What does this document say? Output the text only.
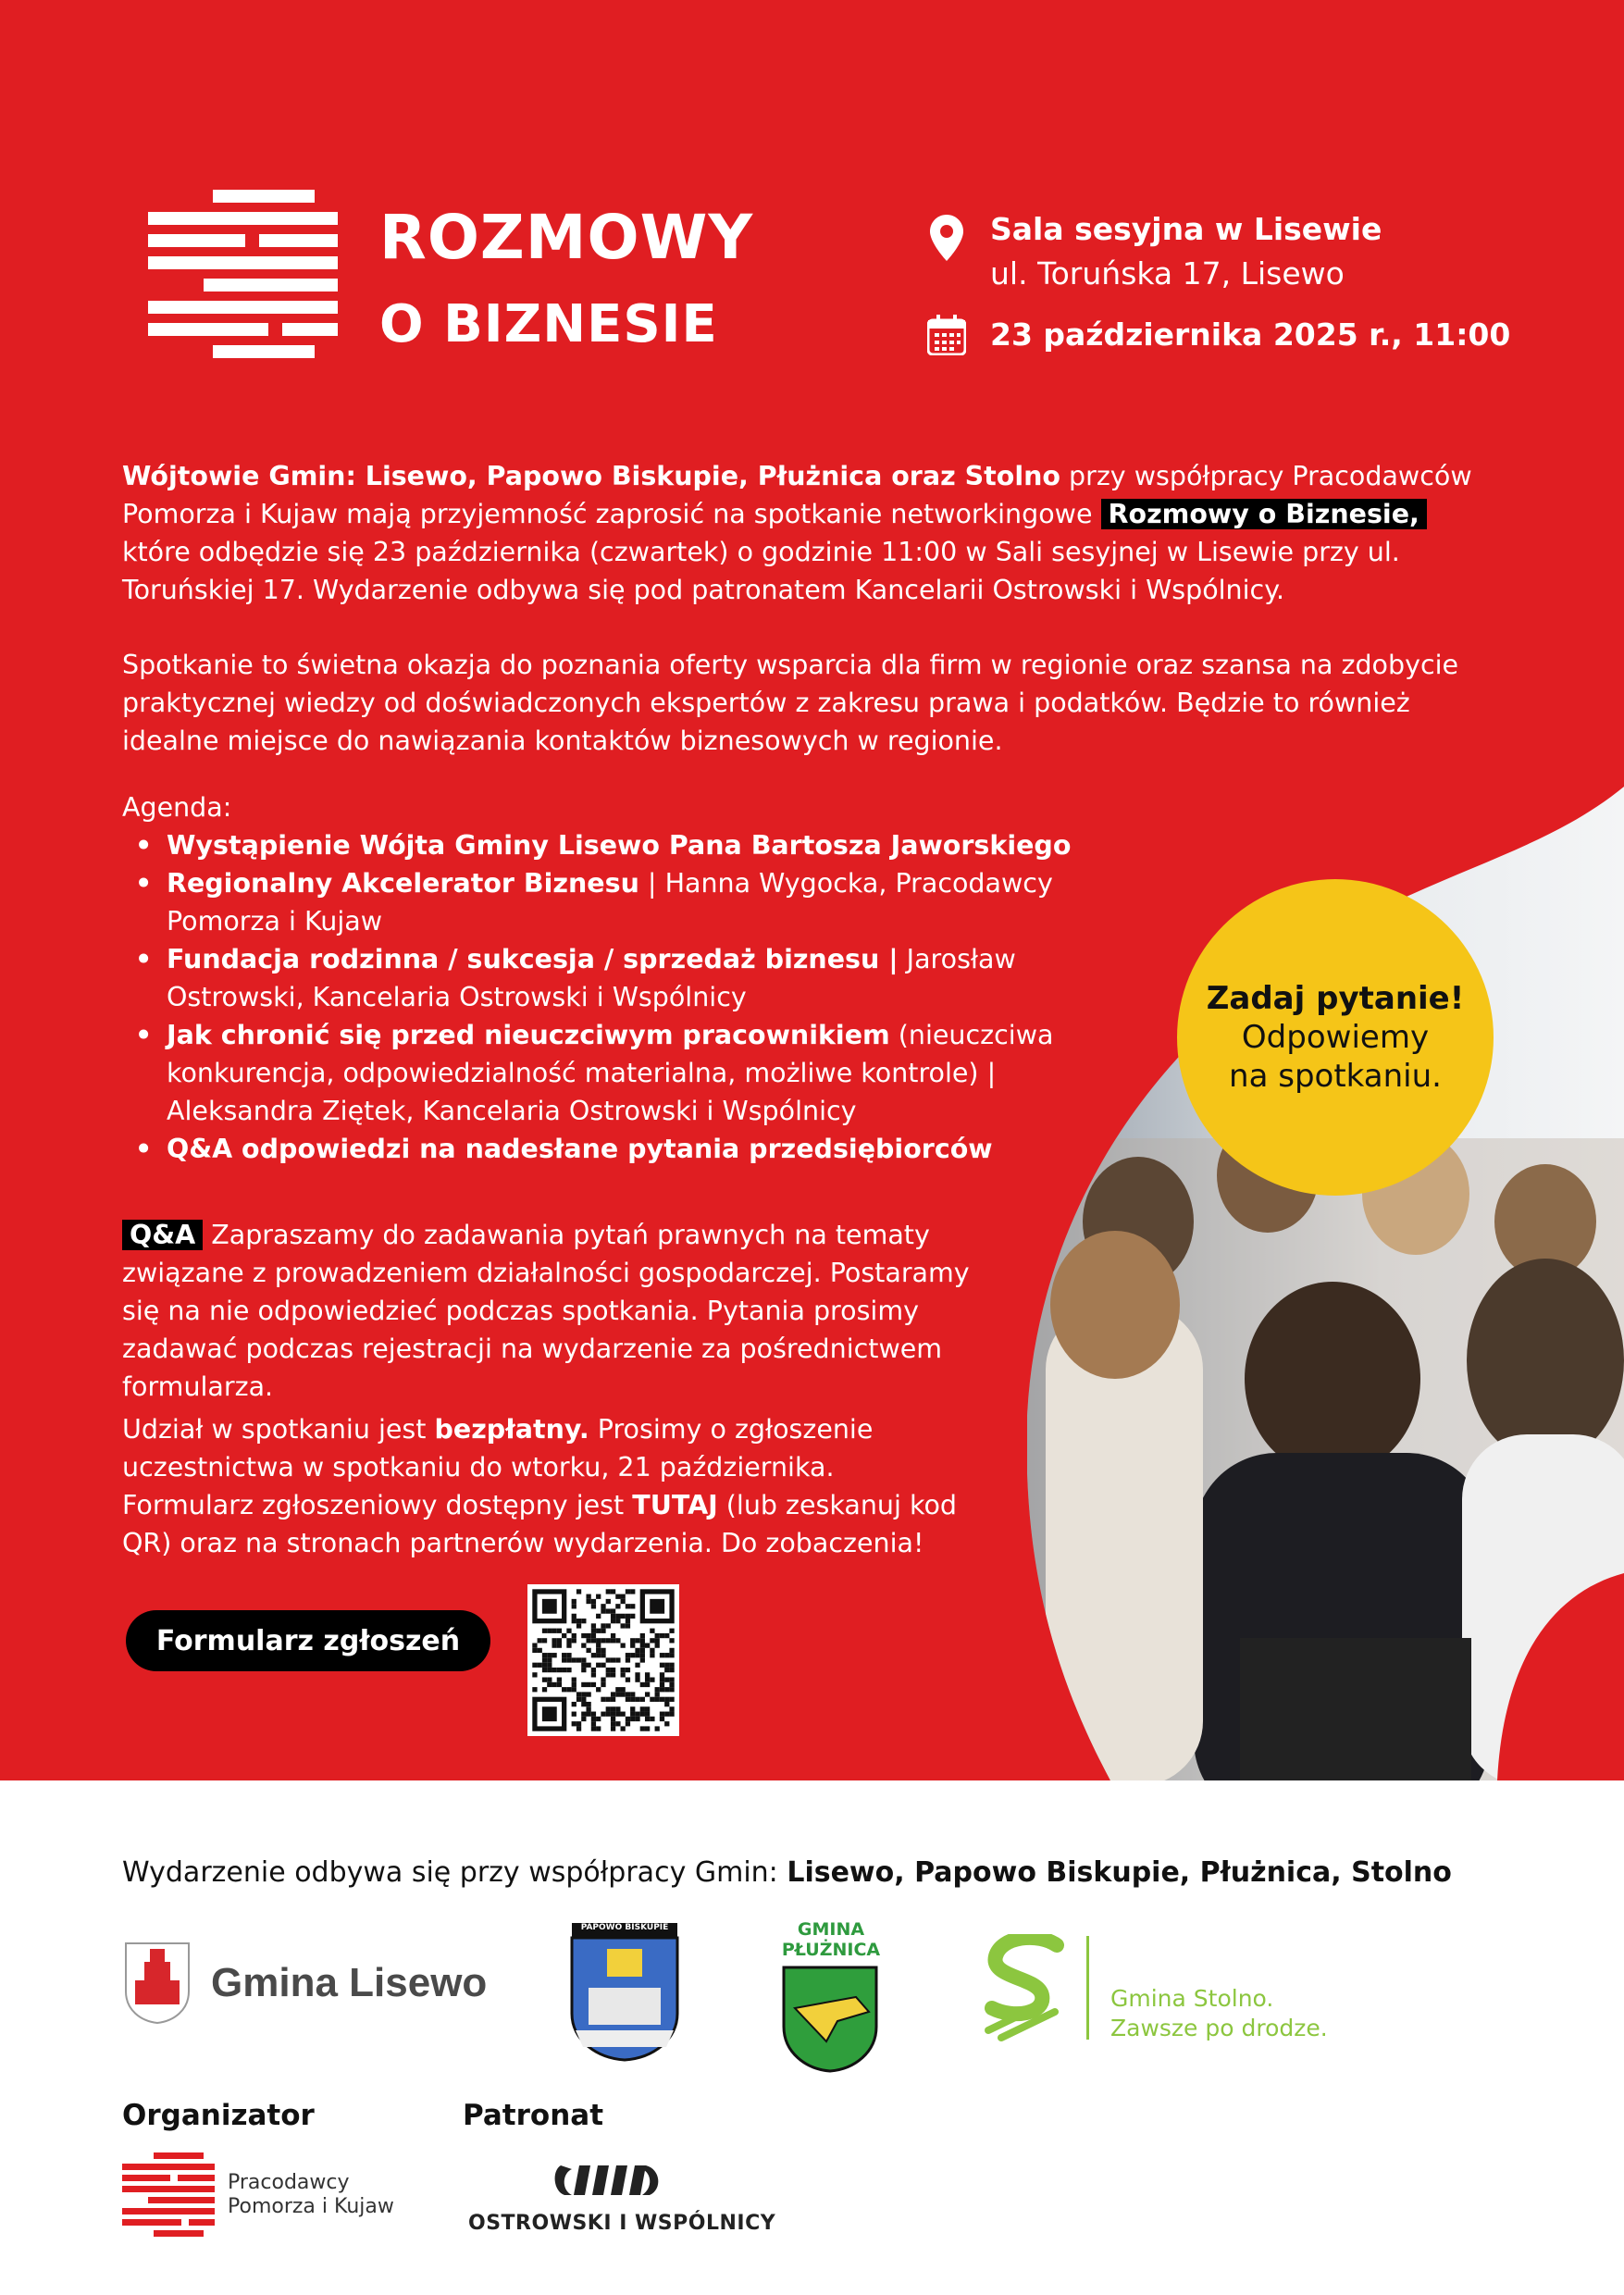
ROZMOWY
O BIZNESIE
Sala sesyjna w Lisewie
ul. Toruńska 17, Lisewo
23 października 2025 r., 11:00
Wójtowie Gmin: Lisewo, Papowo Biskupie, Płużnica oraz Stolno przy współpracy Pracodawców Pomorza i Kujaw mają przyjemność zaprosić na spotkanie networkingowe Rozmowy o Biznesie, które odbędzie się 23 października (czwartek) o godzinie 11:00 w Sali sesyjnej w Lisewie przy ul. Toruńskiej 17. Wydarzenie odbywa się pod patronatem Kancelarii Ostrowski i Wspólnicy.
Spotkanie to świetna okazja do poznania oferty wsparcia dla firm w regionie oraz szansa na zdobycie praktycznej wiedzy od doświadczonych ekspertów z zakresu prawa i podatków. Będzie to również idealne miejsce do nawiązania kontaktów biznesowych w regionie.
Agenda:
• Wystąpienie Wójta Gminy Lisewo Pana Bartosza Jaworskiego
• Regionalny Akcelerator Biznesu | Hanna Wygocka, Pracodawcy Pomorza i Kujaw
• Fundacja rodzinna / sukcesja / sprzedaż biznesu | Jarosław Ostrowski, Kancelaria Ostrowski i Wspólnicy
• Jak chronić się przed nieuczciwym pracownikiem (nieuczciwa konkurencja, odpowiedzialność materialna, możliwe kontrole) | Aleksandra Ziętek, Kancelaria Ostrowski i Wspólnicy
• Q&A odpowiedzi na nadesłane pytania przedsiębiorców
Q&A Zapraszamy do zadawania pytań prawnych na tematy związane z prowadzeniem działalności gospodarczej. Postaramy się na nie odpowiedzieć podczas spotkania. Pytania prosimy zadawać podczas rejestracji na wydarzenie za pośrednictwem formularza.
Udział w spotkaniu jest bezpłatny. Prosimy o zgłoszenie uczestnictwa w spotkaniu do wtorku, 21 października. Formularz zgłoszeniowy dostępny jest TUTAJ (lub zeskanuj kod QR) oraz na stronach partnerów wydarzenia. Do zobaczenia!
Formularz zgłoszeń
Zadaj pytanie!
Odpowiemy
na spotkaniu.
Wydarzenie odbywa się przy współpracy Gmin: Lisewo, Papowo Biskupie, Płużnica, Stolno
Gmina Lisewo
PAPOWO BISKUPIE	GMINA
PŁUŻNICA
Gmina Stolno.
Zawsze po drodze.
Organizator	Patronat
Pracodawcy
Pomorza i Kujaw
OSTROWSKI I WSPÓLNICY
